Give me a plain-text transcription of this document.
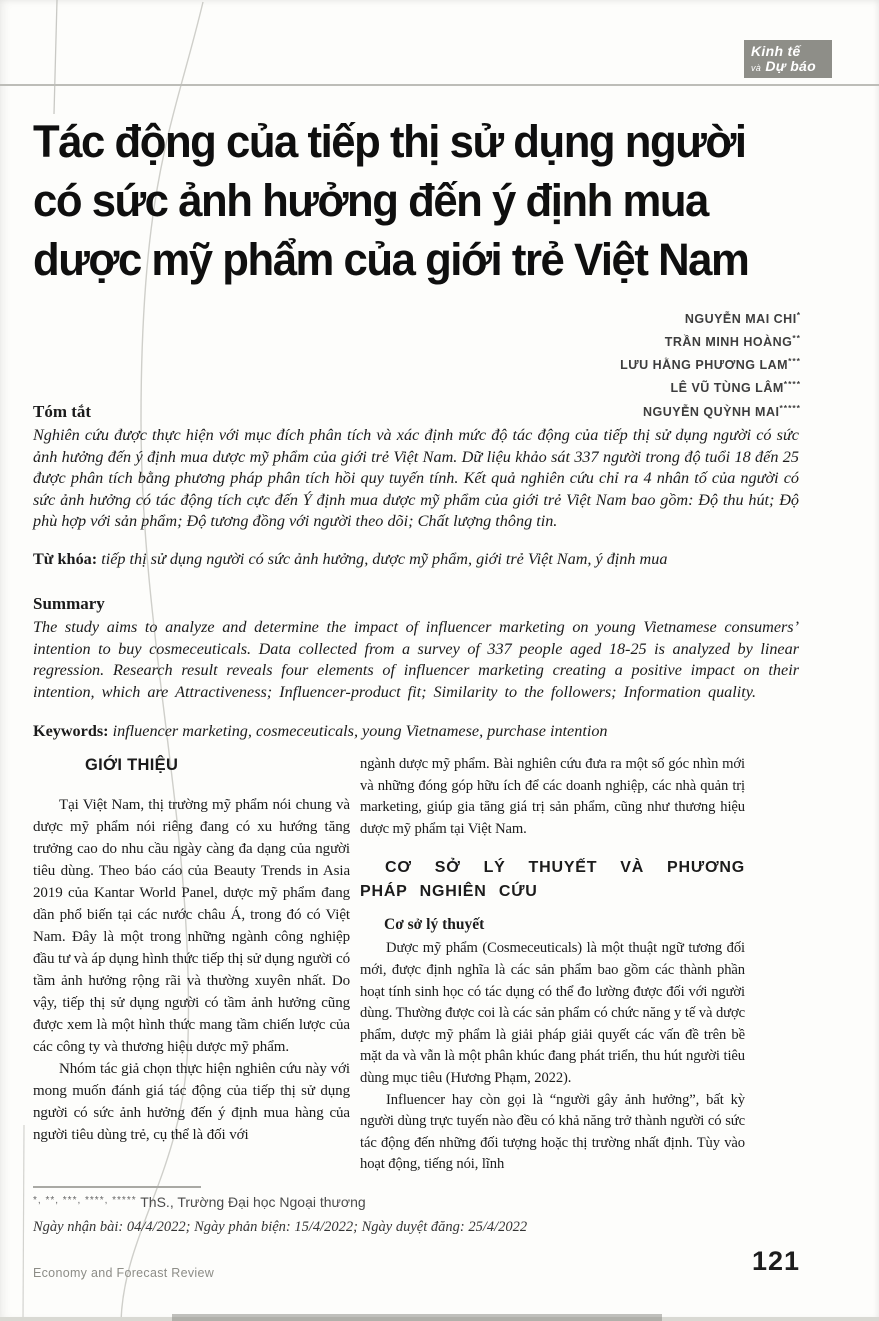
Kinh tế
và Dự báo
Tác động của tiếp thị sử dụng người
có sức ảnh hưởng đến ý định mua
dược mỹ phẩm của giới trẻ Việt Nam
NGUYỄN MAI CHI*
TRẦN MINH HOÀNG**
LƯU HẰNG PHƯƠNG LAM***
LÊ VŨ TÙNG LÂM****
NGUYỄN QUỲNH MAI*****
Tóm tắt

Nghiên cứu được thực hiện với mục đích phân tích và xác định mức độ tác động của tiếp thị sử dụng người có sức ảnh hưởng đến ý định mua dược mỹ phẩm của giới trẻ Việt Nam. Dữ liệu khảo sát 337 người trong độ tuổi 18 đến 25 được phân tích bằng phương pháp phân tích hồi quy tuyến tính. Kết quả nghiên cứu chỉ ra 4 nhân tố của người có sức ảnh hưởng có tác động tích cực đến Ý định mua dược mỹ phẩm của giới trẻ Việt Nam bao gồm: Độ thu hút; Độ phù hợp với sản phẩm; Độ tương đồng với người theo dõi; Chất lượng thông tin.

Từ khóa: tiếp thị sử dụng người có sức ảnh hưởng, dược mỹ phẩm, giới trẻ Việt Nam, ý định mua

Summary

The study aims to analyze and determine the impact of influencer marketing on young Vietnamese consumers’ intention to buy cosmeceuticals. Data collected from a survey of 337 people aged 18-25 is analyzed by linear regression. Research result reveals four elements of influencer marketing creating a positive impact on their intention, which are Attractiveness; Influencer-product fit; Similarity to the followers; Information quality.

Keywords: influencer marketing, cosmeceuticals, young Vietnamese, purchase intention

GIỚI THIỆU

Tại Việt Nam, thị trường mỹ phẩm nói chung và dược mỹ phẩm nói riêng đang có xu hướng tăng trưởng cao do nhu cầu ngày càng đa dạng của người tiêu dùng. Theo báo cáo của Beauty Trends in Asia 2019 của Kantar World Panel, dược mỹ phẩm đang dần phổ biến tại các nước châu Á, trong đó có Việt Nam. Đây là một trong những ngành công nghiệp đầu tư và áp dụng hình thức tiếp thị sử dụng người có tầm ảnh hưởng rộng rãi và thường xuyên nhất. Do vậy, tiếp thị sử dụng người có tầm ảnh hưởng cũng được xem là một hình thức mang tầm chiến lược của các công ty và thương hiệu dược mỹ phẩm.

Nhóm tác giả chọn thực hiện nghiên cứu này với mong muốn đánh giá tác động của tiếp thị sử dụng người có sức ảnh hưởng đến ý định mua hàng của người tiêu dùng trẻ, cụ thể là đối với

ngành dược mỹ phẩm. Bài nghiên cứu đưa ra một số góc nhìn mới và những đóng góp hữu ích để các doanh nghiệp, các nhà quản trị marketing, giúp gia tăng giá trị sản phẩm, cũng như thương hiệu dược mỹ phẩm tại Việt Nam.

CƠ SỞ LÝ THUYẾT VÀ PHƯƠNG PHÁP NGHIÊN CỨU
Cơ sở lý thuyết

Dược mỹ phẩm (Cosmeceuticals) là một thuật ngữ tương đối mới, được định nghĩa là các sản phẩm bao gồm các thành phần hoạt tính sinh học có tác dụng có thể đo lường được đối với người dùng. Thường được coi là các sản phẩm có chức năng y tế và dược phẩm, dược mỹ phẩm là giải pháp giải quyết các vấn đề trên bề mặt da và vẫn là một phân khúc đang phát triển, thu hút người tiêu dùng mục tiêu (Hương Phạm, 2022).

Influencer hay còn gọi là “người gây ảnh hưởng”, bất kỳ người dùng trực tuyến nào đều có khả năng trở thành người có sức tác động đến những đối tượng hoặc thị trường nhất định. Tùy vào hoạt động, tiếng nói, lĩnh

*, **, ***, ****, ***** ThS., Trường Đại học Ngoại thương
Ngày nhận bài: 04/4/2022; Ngày phản biện: 15/4/2022; Ngày duyệt đăng: 25/4/2022
Economy and Forecast Review	121
